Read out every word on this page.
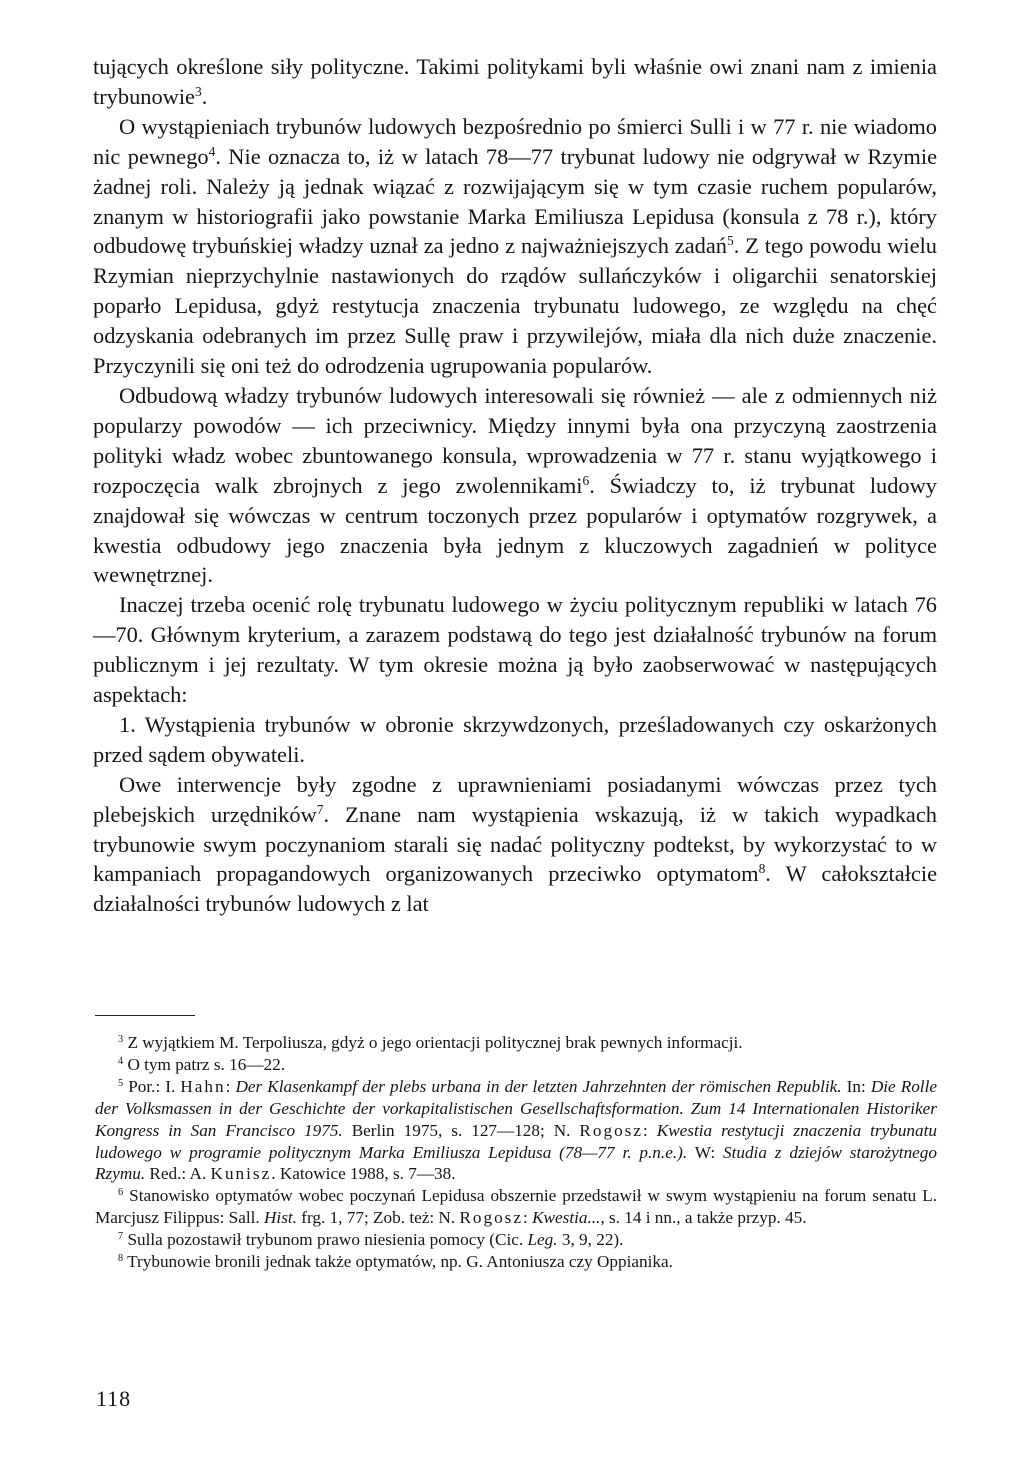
tujących określone siły polityczne. Takimi politykami byli właśnie owi znani nam z imienia trybunowie$^3$.

O wystąpieniach trybunów ludowych bezpośrednio po śmierci Sulli i w 77 r. nie wiadomo nic pewnego$^4$. Nie oznacza to, iż w latach 78—77 trybunat ludowy nie odgrywał w Rzymie żadnej roli. Należy ją jednak wiązać z rozwijającym się w tym czasie ruchem popularów, znanym w historiografii jako powstanie Marka Emiliusza Lepidusa (konsula z 78 r.), który odbudowę trybuńskiej władzy uznał za jedno z najważniejszych zadań$^5$. Z tego powodu wielu Rzymian nieprzychylnie nastawionych do rządów sullańczyków i oligarchii senatorskiej poparło Lepidusa, gdyż restytucja znaczenia trybunatu ludowego, ze względu na chęć odzyskania odebranych im przez Sullę praw i przywilejów, miała dla nich duże znaczenie. Przyczynili się oni też do odrodzenia ugrupowania popularów.

Odbudową władzy trybunów ludowych interesowali się również — ale z odmiennych niż popularzy powodów — ich przeciwnicy. Między innymi była ona przyczyną zaostrzenia polityki władz wobec zbuntowanego konsula, wprowadzenia w 77 r. stanu wyjątkowego i rozpoczęcia walk zbrojnych z jego zwolennikami$^6$. Świadczy to, iż trybunat ludowy znajdował się wówczas w centrum toczonych przez popularów i optymatów rozgrywek, a kwestia odbudowy jego znaczenia była jednym z kluczowych zagadnień w polityce wewnętrznej.

Inaczej trzeba ocenić rolę trybunatu ludowego w życiu politycznym republiki w latach 76—70. Głównym kryterium, a zarazem podstawą do tego jest działalność trybunów na forum publicznym i jej rezultaty. W tym okresie można ją było zaobserwować w następujących aspektach:

1. Wystąpienia trybunów w obronie skrzywdzonych, prześladowanych czy oskarżonych przed sądem obywateli.

Owe interwencje były zgodne z uprawnieniami posiadanymi wówczas przez tych plebejskich urzędników$^7$. Znane nam wystąpienia wskazują, iż w takich wypadkach trybunowie swym poczynaniom starali się nadać polityczny podtekst, by wykorzystać to w kampaniach propagandowych organizowanych przeciwko optymatom$^8$. W całokształcie działalności trybunów ludowych z lat

$^3$ Z wyjątkiem M. Terpoliusza, gdyż o jego orientacji politycznej brak pewnych informacji.

$^4$ O tym patrz s. 16—22.

$^5$ Por.: I. Hahn: Der Klasenkampf der plebs urbana in der letzten Jahrzehnten der römischen Republik. In: Die Rolle der Volksmassen in der Geschichte der vorkapitalistischen Gesellschaftsformation. Zum 14 Internationalen Historiker Kongress in San Francisco 1975. Berlin 1975, s. 127—128; N. Rogosz: Kwestia restytucji znaczenia trybunatu ludowego w programie politycznym Marka Emiliusza Lepidusa (78—77 r. p.n.e.). W: Studia z dziejów starożytnego Rzymu. Red.: A. Kunisz. Katowice 1988, s. 7—38.

$^6$ Stanowisko optymatów wobec poczynań Lepidusa obszernie przedstawił w swym wystąpieniu na forum senatu L. Marcjusz Filippus: Sall. Hist. frg. 1, 77; Zob. też: N. Rogosz: Kwestia..., s. 14 i nn., a także przyp. 45.

$^7$ Sulla pozostawił trybunom prawo niesienia pomocy (Cic. Leg. 3, 9, 22).

$^8$ Trybunowie bronili jednak także optymatów, np. G. Antoniusza czy Oppianika.

118
